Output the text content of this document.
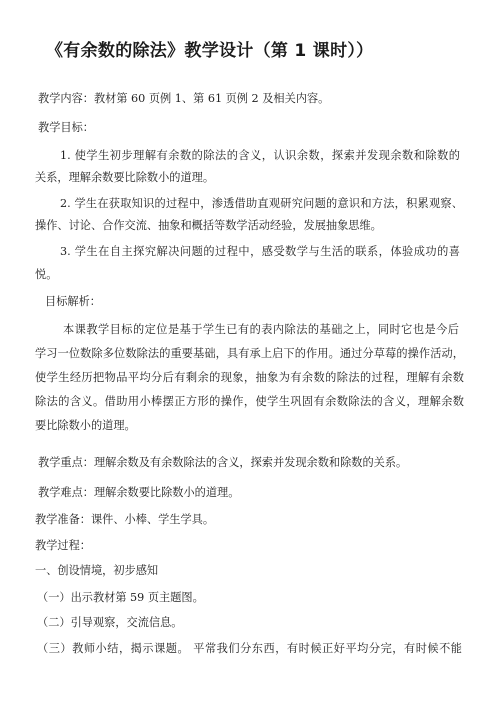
《有余数的除法》教学设计（第 1 课时））
教学内容：教材第 60 页例 1、第 61 页例 2 及相关内容。
教学目标：
1. 使学生初步理解有余数的除法的含义，认识余数，探索并发现余数和除数的
关系，理解余数要比除数小的道理。
2. 学生在获取知识的过程中，渗透借助直观研究问题的意识和方法，积累观察、
操作、讨论、合作交流、抽象和概括等数学活动经验，发展抽象思维。
3. 学生在自主探究解决问题的过程中，感受数学与生活的联系，体验成功的喜
悦。
目标解析：
本课教学目标的定位是基于学生已有的表内除法的基础之上，同时它也是今后
学习一位数除多位数除法的重要基础，具有承上启下的作用。通过分草莓的操作活动，
使学生经历把物品平均分后有剩余的现象，抽象为有余数的除法的过程，理解有余数
除法的含义。借助用小棒摆正方形的操作，使学生巩固有余数除法的含义，理解余数
要比除数小的道理。
教学重点：理解余数及有余数除法的含义，探索并发现余数和除数的关系。
教学难点：理解余数要比除数小的道理。
教学准备：课件、小棒、学生学具。
教学过程：
一、创设情境，初步感知
（一）出示教材第 59 页主题图。
（二）引导观察，交流信息。
（三）教师小结，揭示课题。 平常我们分东西，有时候正好平均分完，有时候不能
